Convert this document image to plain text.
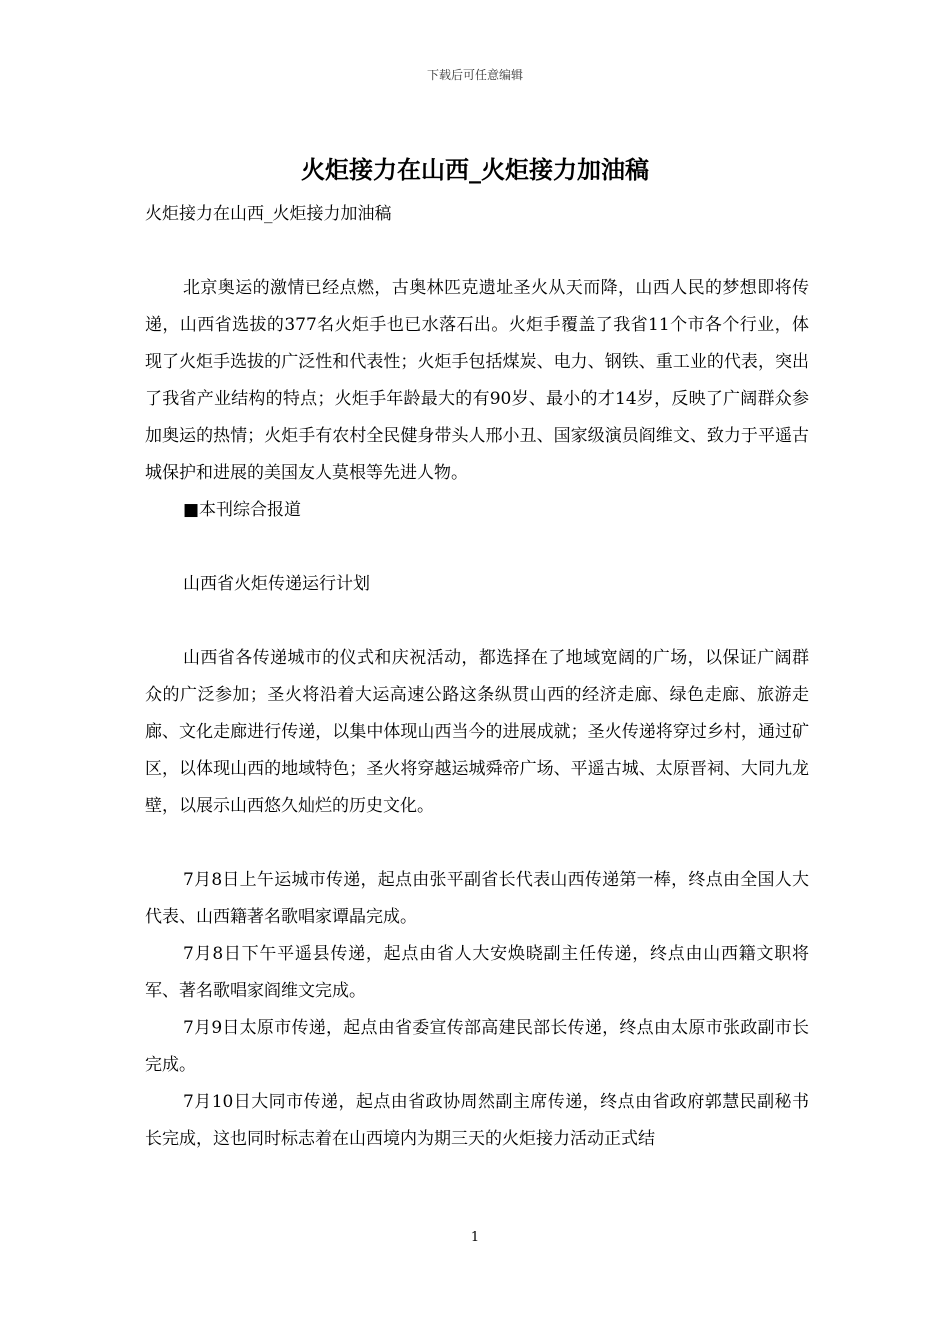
下载后可任意编辑
火炬接力在山西_火炬接力加油稿

火炬接力在山西_火炬接力加油稿

北京奥运的激情已经点燃，古奥林匹克遗址圣火从天而降，山西人民的梦想即将传递，山西省选拔的377名火炬手也已水落石出。火炬手覆盖了我省11个市各个行业，体现了火炬手选拔的广泛性和代表性；火炬手包括煤炭、电力、钢铁、重工业的代表，突出了我省产业结构的特点；火炬手年龄最大的有90岁、最小的才14岁，反映了广阔群众参加奥运的热情；火炬手有农村全民健身带头人邢小丑、国家级演员阎维文、致力于平遥古城保护和进展的美国友人莫根等先进人物。

■本刊综合报道

山西省火炬传递运行计划

山西省各传递城市的仪式和庆祝活动，都选择在了地域宽阔的广场，以保证广阔群众的广泛参加；圣火将沿着大运高速公路这条纵贯山西的经济走廊、绿色走廊、旅游走廊、文化走廊进行传递，以集中体现山西当今的进展成就；圣火传递将穿过乡村，通过矿区，以体现山西的地域特色；圣火将穿越运城舜帝广场、平遥古城、太原晋祠、大同九龙壁，以展示山西悠久灿烂的历史文化。

7月8日上午运城市传递，起点由张平副省长代表山西传递第一棒，终点由全国人大代表、山西籍著名歌唱家谭晶完成。

7月8日下午平遥县传递，起点由省人大安焕晓副主任传递，终点由山西籍文职将军、著名歌唱家阎维文完成。

7月9日太原市传递，起点由省委宣传部高建民部长传递，终点由太原市张政副市长完成。

7月10日大同市传递，起点由省政协周然副主席传递，终点由省政府郭慧民副秘书长完成，这也同时标志着在山西境内为期三天的火炬接力活动正式结

1
